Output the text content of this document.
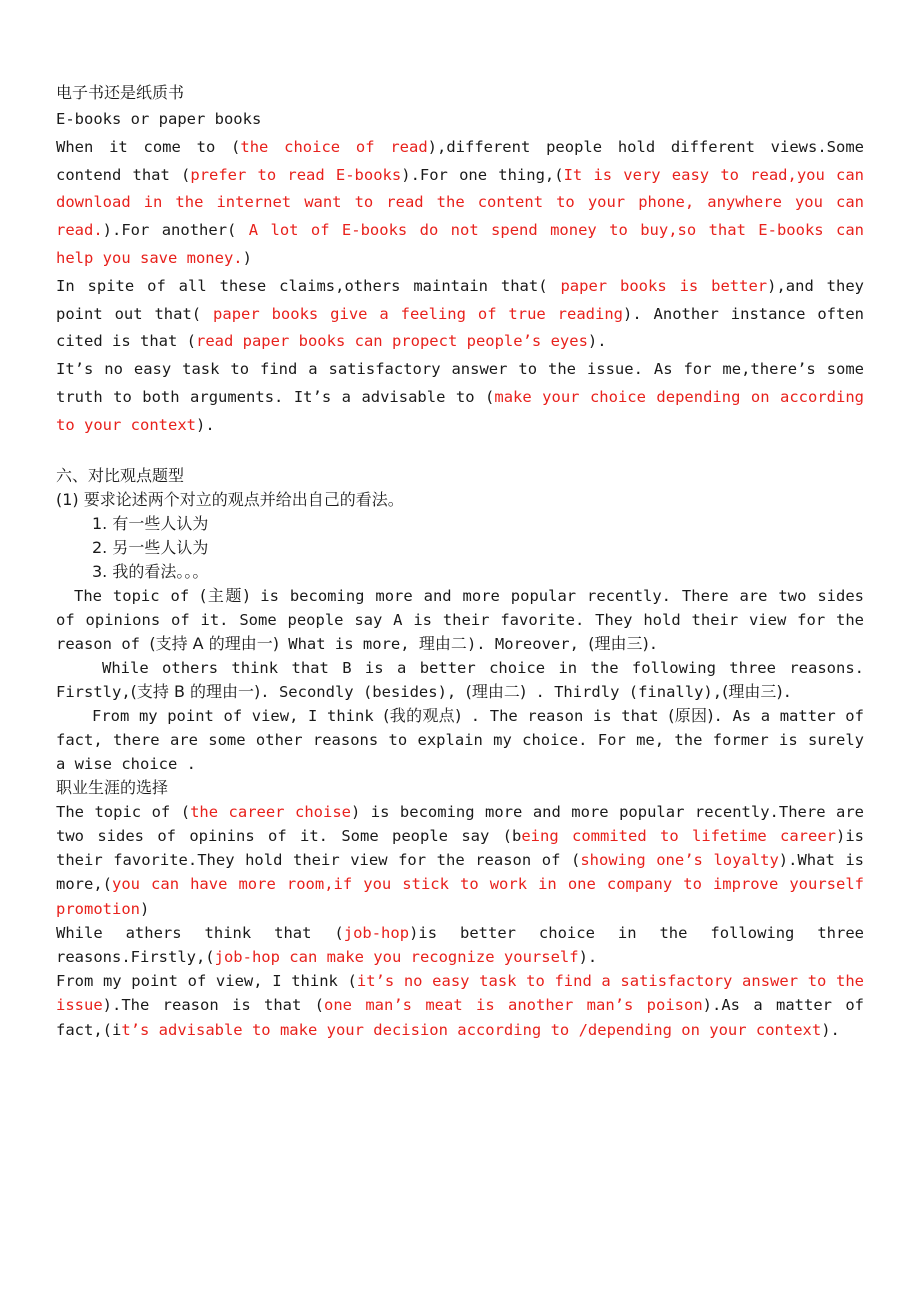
电子书还是纸质书

E-books or paper books

When it come to (the choice of read),different people hold different views.Some contend that (prefer to read E-books).For one thing,(It is very easy to read,you can download in the internet want to read the content to your phone, anywhere you can read.).For another( A lot of E-books do not spend money to buy,so that E-books can help you save money.)

In spite of all these claims,others maintain that( paper books is better),and they point out that( paper books give a feeling of true reading). Another instance often cited is that (read paper books can propect people’s eyes).

It’s no easy task to find a satisfactory answer to the issue. As for me,there’s some truth to both arguments. It’s a advisable to (make your choice depending on according to your context).

六、对比观点题型

(1) 要求论述两个对立的观点并给出自己的看法。

1. 有一些人认为

2. 另一些人认为

3. 我的看法。。。

The topic of (主题) is becoming more and more popular recently. There are two sides of opinions of it. Some people say A is their favorite. They hold their view for the reason of (支持 A 的理由一) What is more, 理由二). Moreover, (理由三).

While others think that B is a better choice in the following three reasons. Firstly,(支持 B 的理由一). Secondly (besides), (理由二) . Thirdly (finally),(理由三).

From my point of view, I think (我的观点) . The reason is that (原因). As a matter of fact, there are some other reasons to explain my choice. For me, the former is surely a wise choice .

职业生涯的选择

The topic of (the career choise) is becoming more and more popular recently.There are two sides of opinins of it. Some people say (being commited to lifetime career)is their favorite.They hold their view for the reason of (showing one’s loyalty).What is more,(you can have more room,if you stick to work in one company to improve yourself promotion)

While athers think that (job-hop)is better choice in the following three reasons.Firstly,(job-hop can make you recognize yourself).

From my point of view, I think (it’s no easy task to find a satisfactory answer to the issue).The reason is that (one man’s meat is another man’s poison).As a matter of fact,(it’s advisable to make your decision according to /depending on your context).
